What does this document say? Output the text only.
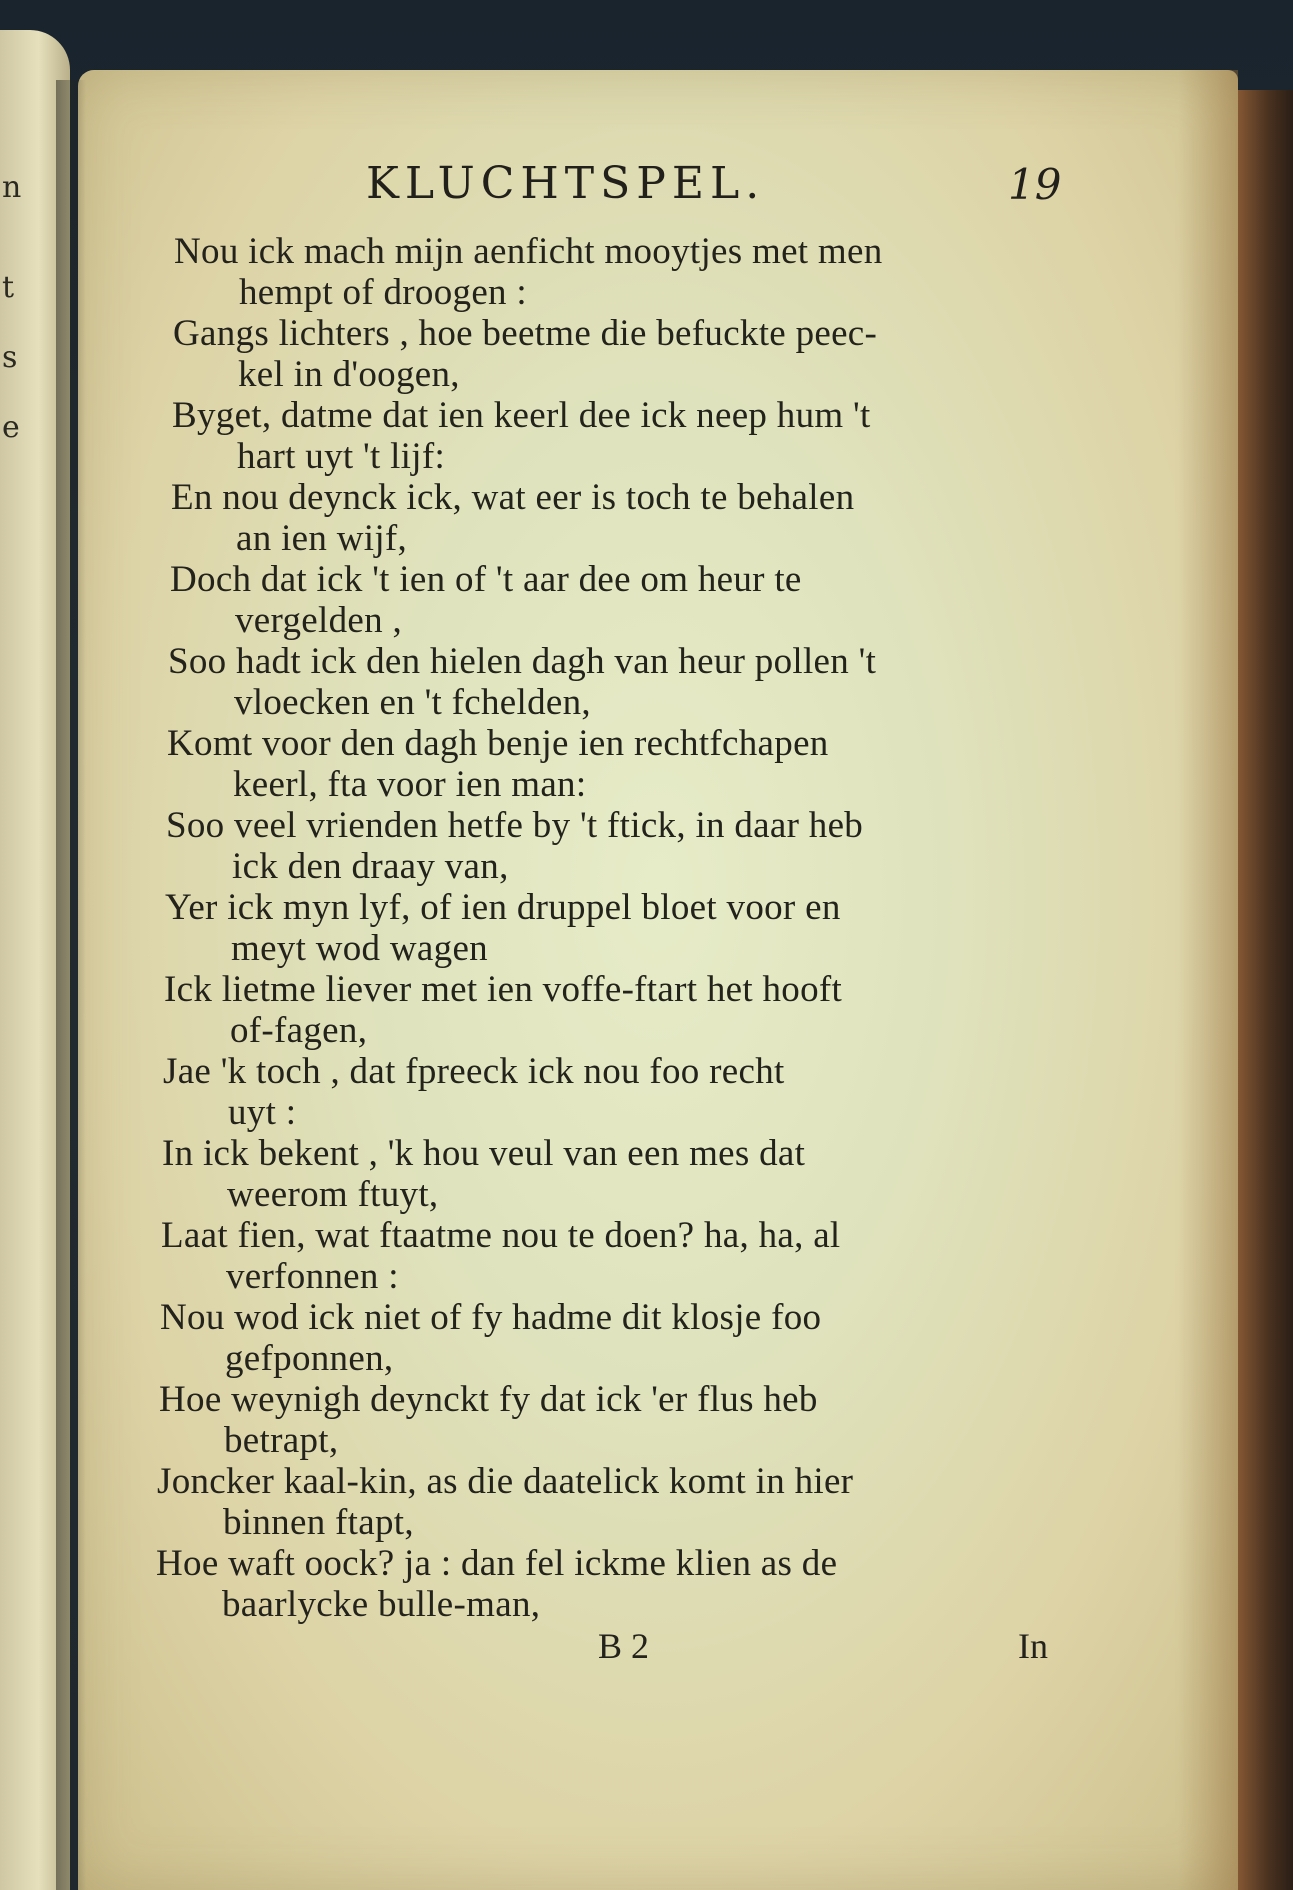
n
t
s
e
KLUCHTSPEL.	19
Nou ick mach mijn aenficht mooytjes met men
hempt of droogen :
Gangs lichters , hoe beetme die befuckte peec-
kel in d'oogen,
Byget, datme dat ien keerl dee ick neep hum 't
hart uyt 't lijf:
En nou deynck ick, wat eer is toch te behalen
an ien wijf,
Doch dat ick 't ien of 't aar dee om heur te
vergelden ,
Soo hadt ick den hielen dagh van heur pollen 't
vloecken en 't fchelden,
Komt voor den dagh benje ien rechtfchapen
keerl, fta voor ien man:
Soo veel vrienden hetfe by 't ftick, in daar heb
ick den draay van,
Yer ick myn lyf, of ien druppel bloet voor en
meyt wod wagen
Ick lietme liever met ien voffe-ftart het hooft
of-fagen,
Jae 'k toch , dat fpreeck ick nou foo recht
uyt :
In ick bekent , 'k hou veul van een mes dat
weerom ftuyt,
Laat fien, wat ftaatme nou te doen? ha, ha, al
verfonnen :
Nou wod ick niet of fy hadme dit klosje foo
gefponnen,
Hoe weynigh deynckt fy dat ick 'er flus heb
betrapt,
Joncker kaal-kin, as die daatelick komt in hier
binnen ftapt,
Hoe waft oock? ja : dan fel ickme klien as de
baarlycke bulle-man,
B 2	In
